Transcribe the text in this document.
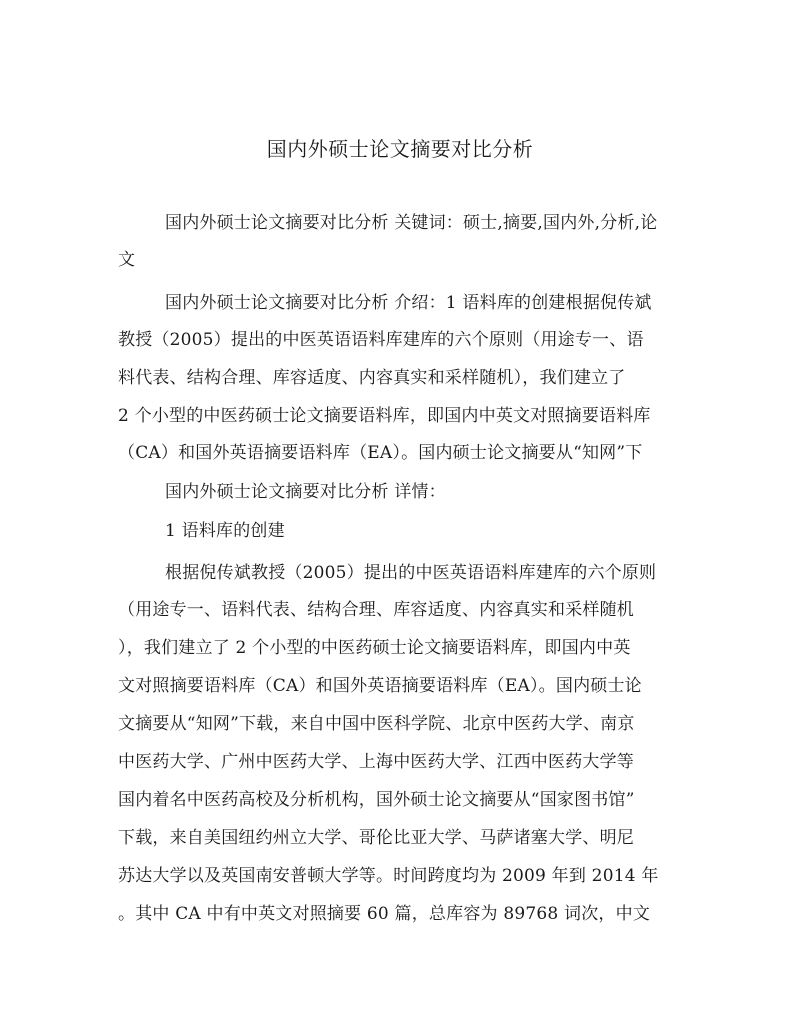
国内外硕士论文摘要对比分析
国内外硕士论文摘要对比分析 关键词：硕士,摘要,国内外,分析,论
文
国内外硕士论文摘要对比分析 介绍：1 语料库的创建根据倪传斌
教授（2005）提出的中医英语语料库建库的六个原则（用途专一、语
料代表、结构合理、库容适度、内容真实和采样随机），我们建立了
2 个小型的中医药硕士论文摘要语料库，即国内中英文对照摘要语料库
（CA）和国外英语摘要语料库（EA）。国内硕士论文摘要从“知网”下
国内外硕士论文摘要对比分析 详情：
1 语料库的创建
根据倪传斌教授（2005）提出的中医英语语料库建库的六个原则
（用途专一、语料代表、结构合理、库容适度、内容真实和采样随机
），我们建立了 2 个小型的中医药硕士论文摘要语料库，即国内中英
文对照摘要语料库（CA）和国外英语摘要语料库（EA）。国内硕士论
文摘要从“知网”下载，来自中国中医科学院、北京中医药大学、南京
中医药大学、广州中医药大学、上海中医药大学、江西中医药大学等
国内着名中医药高校及分析机构，国外硕士论文摘要从“国家图书馆”
下载，来自美国纽约州立大学、哥伦比亚大学、马萨诸塞大学、明尼
苏达大学以及英国南安普顿大学等。时间跨度均为 2009 年到 2014 年
。其中 CA 中有中英文对照摘要 60 篇，总库容为 89768 词次，中文
